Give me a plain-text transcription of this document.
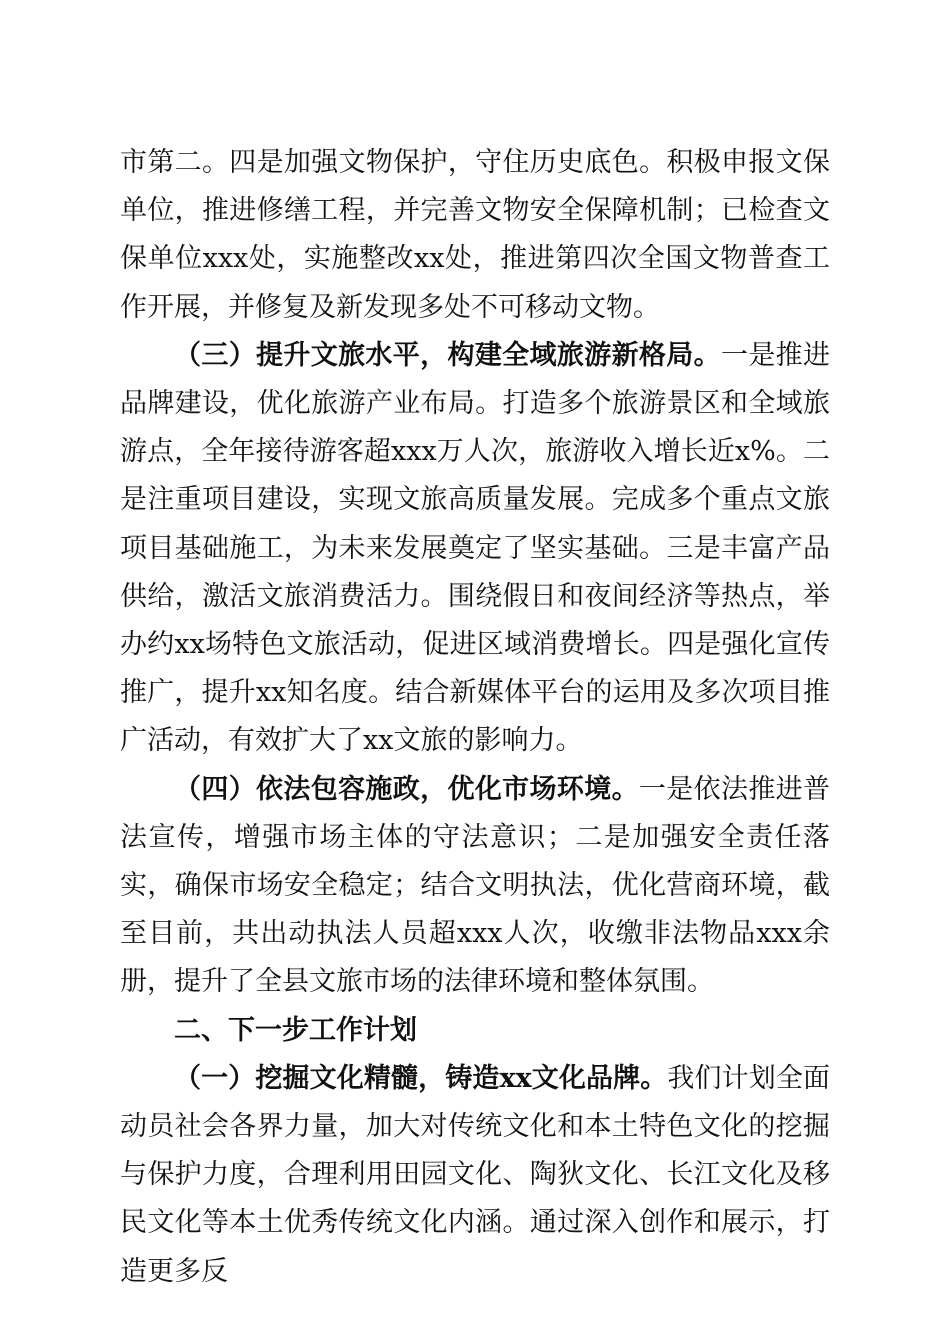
市第二。四是加强文物保护，守住历史底色。积极申报文保单位，推进修缮工程，并完善文物安全保障机制；已检查文保单位xxx处，实施整改xx处，推进第四次全国文物普查工作开展，并修复及新发现多处不可移动文物。

（三）提升文旅水平，构建全域旅游新格局。一是推进品牌建设，优化旅游产业布局。打造多个旅游景区和全域旅游点，全年接待游客超xxx万人次，旅游收入增长近x%。二是注重项目建设，实现文旅高质量发展。完成多个重点文旅项目基础施工，为未来发展奠定了坚实基础。三是丰富产品供给，激活文旅消费活力。围绕假日和夜间经济等热点，举办约xx场特色文旅活动，促进区域消费增长。四是强化宣传推广，提升xx知名度。结合新媒体平台的运用及多次项目推广活动，有效扩大了xx文旅的影响力。

（四）依法包容施政，优化市场环境。一是依法推进普法宣传，增强市场主体的守法意识；二是加强安全责任落实，确保市场安全稳定；结合文明执法，优化营商环境，截至目前，共出动执法人员超xxx人次，收缴非法物品xxx余册，提升了全县文旅市场的法律环境和整体氛围。

二、下一步工作计划

（一）挖掘文化精髓，铸造xx文化品牌。我们计划全面动员社会各界力量，加大对传统文化和本土特色文化的挖掘与保护力度，合理利用田园文化、陶狄文化、长江文化及移民文化等本土优秀传统文化内涵。通过深入创作和展示，打造更多反
